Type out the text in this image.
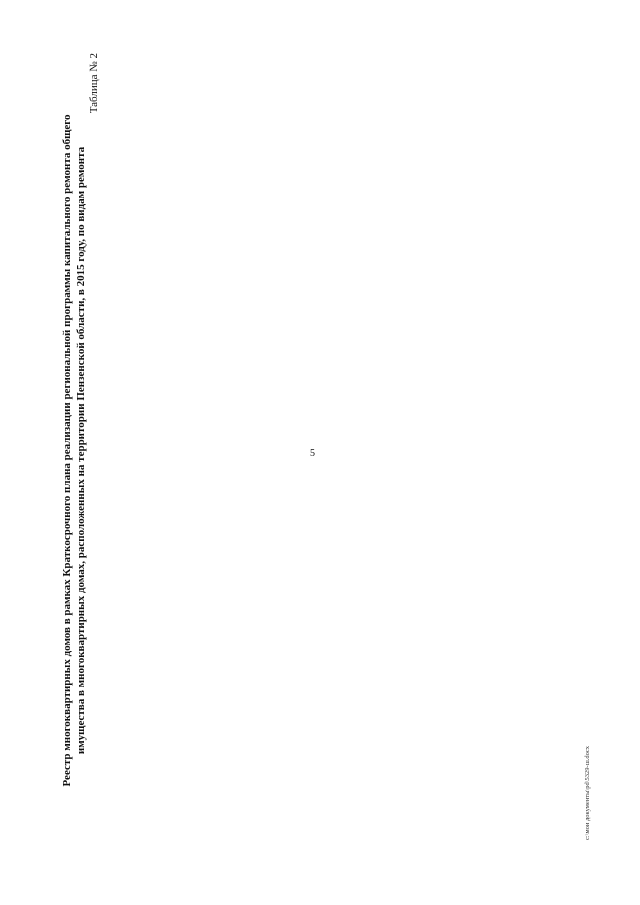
5
c:\мои документы\pd\5329-ш.docx
Реестр многоквартирных домов в рамках Краткосрочного плана реализации региональной программы капитального ремонта общего имущества в многоквартирных домах, расположенных на территории Пензенской области, в 2015 году, по видам ремонта
Таблица № 2
